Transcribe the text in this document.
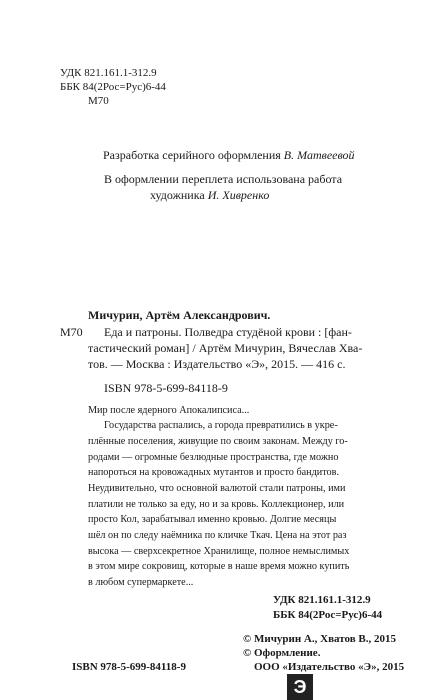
УДК 821.161.1-312.9
ББК 84(2Рос=Рус)6-44
М70
Разработка серийного оформления В. Матвеевой
В оформлении переплета использована работа
художника И. Хивренко
Мичурин, Артём Александрович.
М70 Еда и патроны. Полведра студёной крови : [фан-
тастический роман] / Артём Мичурин, Вячеслав Хва-
тов. — Москва : Издательство «Э», 2015. — 416 с.
ISBN 978-5-699-84118-9
Мир после ядерного Апокалипсиса...
Государства распались, а города превратились в укре-
плённые поселения, живущие по своим законам. Между го-
родами — огромные безлюдные пространства, где можно
напороться на кровожадных мутантов и просто бандитов.
Неудивительно, что основной валютой стали патроны, ими
платили не только за еду, но и за кровь. Коллекционер, или
просто Кол, зарабатывал именно кровью. Долгие месяцы
шёл он по следу наёмника по кличке Ткач. Цена на этот раз
высока — сверхсекретное Хранилище, полное немыслимых
в этом мире сокровищ, которые в наше время можно купить
в любом супермаркете...
УДК 821.161.1-312.9
ББК 84(2Рос=Рус)6-44
© Мичурин А., Хватов В., 2015
© Оформление.
ISBN 978-5-699-84118-9	ООО «Издательство «Э», 2015
Э
